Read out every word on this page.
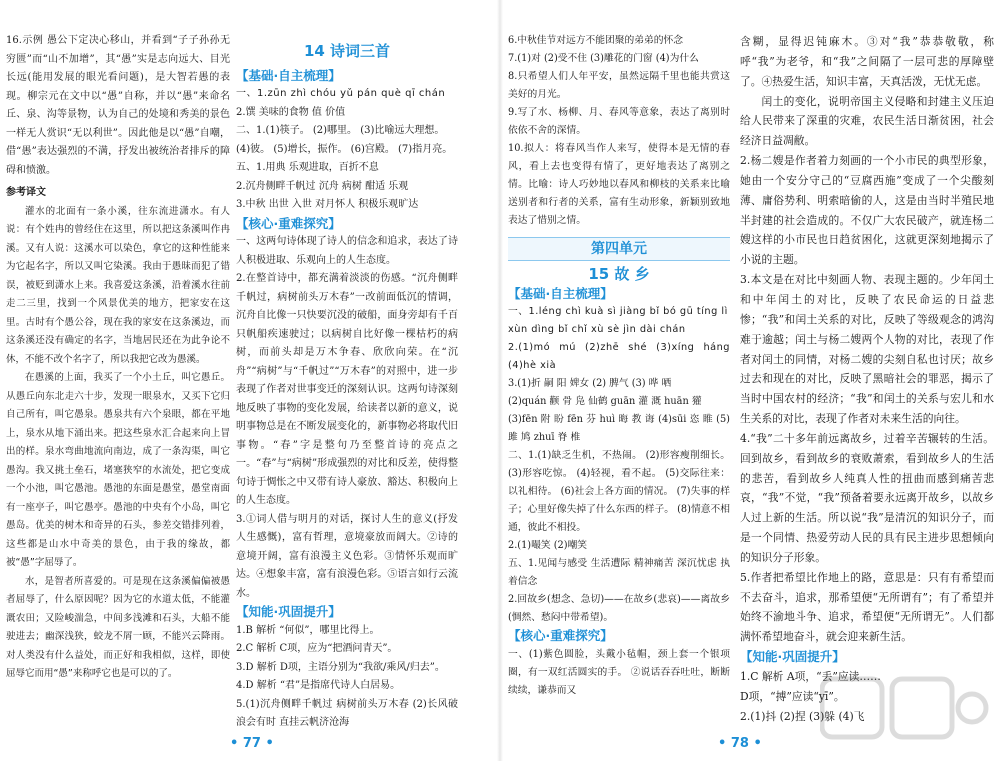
16.示例 愚公下定决心移山，并看到“子子孙孙无穷匮”而“山不加增”，其“愚”实是志向远大、目光长远(能用发展的眼光看问题)，是大智若愚的表现。柳宗元在文中以“愚”自称，并以“愚”来命名丘、泉、沟等景物，认为自己的处境和秀美的景色一样无人赏识“无以利世”。因此他是以“愚”自嘲，借“愚”表达强烈的不满，抒发出被统治者排斥的障碍和愤激。

参考译文

灌水的北面有一条小溪，往东流进潇水。有人说：有个姓冉的曾经住在这里，所以把这条溪叫作冉溪。又有人说：这溪水可以染色，拿它的这种性能来为它起名字，所以又叫它染溪。我由于愚昧而犯了错误，被贬到潇水上来。我喜爱这条溪，沿着溪水往前走二三里，找到一个风景优美的地方，把家安在这里。古时有个愚公谷，现在我的家安在这条溪边，而这条溪还没有确定的名字，当地居民还在为此争论不休，不能不改个名字了，所以我把它改为愚溪。

在愚溪的上面，我买了一个小土丘，叫它愚丘。从愚丘向东北走六十步，发现一眼泉水，又买下它归自己所有，叫它愚泉。愚泉共有六个泉眼，都在平地上，泉水从地下涌出来。把这些泉水汇合起来向上冒出的样。泉水弯曲地流向南边，成了一条沟渠，叫它愚沟。我又挑土垒石，堵塞狭窄的水流处，把它变成一个小池，叫它愚池。愚池的东面是愚堂，愚堂南面有一座亭子，叫它愚亭。愚池的中央有个小岛，叫它愚岛。优美的树木和奇异的石头，参差交错排列着，这些都是山水中奇美的景色，由于我的缘故，都被“愚”字屈辱了。

水，是智者所喜爱的。可是现在这条溪偏偏被愚者屈辱了，什么原因呢？因为它的水道太低，不能灌溉农田；又险峻湍急，中间多浅滩和石头，大船不能驶进去；幽深浅狭，蛟龙不屑一顾，不能兴云降雨。对人类没有什么益处，而正好和我相似，这样，即使屈辱它而用“愚”来称呼它也是可以的了。

14 诗词三首
【基础·自主梳理】

一、1.zūn zhì chóu yǔ pán què qī chán

2.馔 美味的食物 值 价值

二、1.(1)筷子。 (2)哪里。 (3)比喻远大理想。

(4)彼。 (5)增长，振作。 (6)宫殿。 (7)指月亮。

五、1.用典 乐观进取，百折不息

2.沉舟侧畔千帆过 沉舟 病树 酣适 乐观

3.中秋 出世 入世 对月怀人 积极乐观旷达

【核心·重难探究】

一、这两句诗体现了诗人的信念和追求，表达了诗人积极进取、乐观向上的人生态度。

2.在整首诗中，都充满着淡淡的伤感。“沉舟侧畔千帆过，病树前头万木春”一改前面低沉的情调，沉舟自比像一只快要沉没的破船，面身旁却有千百只帆船疾速驶过；以病树自比好像一棵枯朽的病树，而前头却是万木争春、欣欣向荣。在“沉舟”“病树”与“千帆过”“万木春”的对照中，进一步表现了作者对世事变迁的深刻认识。这两句诗深刻地反映了事物的变化发展，给读者以新的意义，说明事物总是在不断发展变化的，新事物必将取代旧事物。“春”字是整句乃至整首诗的亮点之一。“春”与“病树”形成强烈的对比和反差，使得整句诗于惆怅之中又带有诗人豪放、豁达、积极向上的人生态度。

3.①词人借与明月的对话，探讨人生的意义(抒发人生感慨)，富有哲理，意境豪放而阔大。②诗的意境开阔，富有浪漫主义色彩。③情怀乐观而旷达。④想象丰富，富有浪漫色彩。⑤语言如行云流水。

【知能·巩固提升】

1.B 解析 “何似”，哪里比得上。

2.C 解析 C项，应为“把酒问青天”。

3.D 解析 D项，主语分别为“我欲/乘风/归去”。

4.D 解析 “君”是指席代诗人白居易。

5.(1)沉舟侧畔千帆过 病树前头万木春 (2)长风破浪会有时 直挂云帆济沧海

6.中秋佳节对远方不能团聚的弟弟的怀念

7.(1)对 (2)受不住 (3)雕花的门窗 (4)为什么

8.只希望人们人年平安，虽然远隔千里也能共赏这美好的月光。

9.写了水、杨柳、月、春风等意象，表达了离别时依依不舍的深情。

10.拟人：将春风当作人来写，使得本是无情的春风，看上去也变得有情了，更好地表达了离别之情。比喻：诗人巧妙地以春风和柳枝的关系来比喻送别者和行者的关系，富有生动形象，新颖别致地表达了惜别之情。

第四单元
15 故 乡
【基础·自主梳理】

一、1.léng chì kuà sì jiàng bǐ bó gū tíng lì

xùn dìng bǐ chǐ xù sè jìn dài chán

2.(1)mó mú (2)zhē shé (3)xíng háng (4)hè xià

3.(1)折 嗣 阳 婢女 (2) 脾气 (3) 哗 哂

(2)quán 颧 骨 凫 仙鹤 guān 灌 溉 huān 獾

(3)fēn 附 盼 fēn 芬 huì 晦 教 诲 (4)sūi 恣 睢 (5) 雎 鸠 zhuī 脊 椎

二、1.(1)缺乏生机，不热闹。 (2)形容瘦削细长。 (3)形容吃惊。 (4)轻视，看不起。 (5)交际往来：以礼相待。 (6)社会上各方面的情况。 (7)失事的样子；心里好像失掉了什么东西的样子。 (8)情意不相通，彼此不相投。

2.(1)嘬笑 (2)嘲笑

五、1.见闻与感受 生活遭际 精神痛苦 深沉忧虑 执着信念

2.回故乡(想念、急切)——在故乡(悲哀)——离故乡(惆然、愁闷中带希望)。

【核心·重难探究】

一、(1)紫色圆脸，头戴小毡帽，颈上套一个银项圈，有一双红活圆实的手。 ②说话吞吞吐吐，断断续续，谦恭而又

含糊，显得迟钝麻木。③对“我”恭恭敬敬，称呼“我”为老爷，和“我”之间隔了一层可悲的厚障壁了。④热爱生活，知识丰富，天真活泼，无忧无虑。

闰土的变化，说明帝国主义侵略和封建主义压迫给人民带来了深重的灾难，农民生活日渐贫困，社会经济日益凋敝。

2.杨二嫂是作者着力刻画的一个小市民的典型形象，她由一个安分守己的“豆腐西施”变成了一个尖酸刻薄、庸俗势利、明索暗偷的人，这是由当时半殖民地半封建的社会造成的。不仅广大农民破产，就连杨二嫂这样的小市民也日趋贫困化，这就更深刻地揭示了小说的主题。

3.本文是在对比中刻画人物、表现主题的。少年闰土和中年闰土的对比，反映了农民命运的日益悲惨；“我”和闰土关系的对比，反映了等级观念的鸿沟难于逾越；闰土与杨二嫂两个人物的对比，表现了作者对闰土的同情，对杨二嫂的尖刻自私也讨厌；故乡过去和现在的对比，反映了黑暗社会的罪恶，揭示了当时中国农村的经济；“我”和闰土的关系与宏儿和水生关系的对比，表现了作者对未来生活的向往。

4.“我”二十多年前远离故乡，过着辛苦辗转的生活。回到故乡，看到故乡的衰败萧索，看到故乡人的生活的悲苦，看到故乡人纯真人性的扭曲而感到痛苦悲哀，“我”不觉，“我”预备着要永远离开故乡，以故乡人过上新的生活。所以说“我”是清沉的知识分子，而是一个同情、热爱劳动人民的具有民主进步思想倾向的知识分子形象。

5.作者把希望比作地上的路，意思是：只有有希望而不去奋斗，追求，那希望便“无所谓有”；有了希望并始终不渝地斗争、追求，希望便“无所谓无”。人们都满怀希望地奋斗，就会迎来新生活。

【知能·巩固提升】

1.C 解析 A项，“丢”应读……

D项，“搏”应读“yī”。

2.(1)抖 (2)捏 (3)躲 (4)飞

• 77 •	• 78 •
